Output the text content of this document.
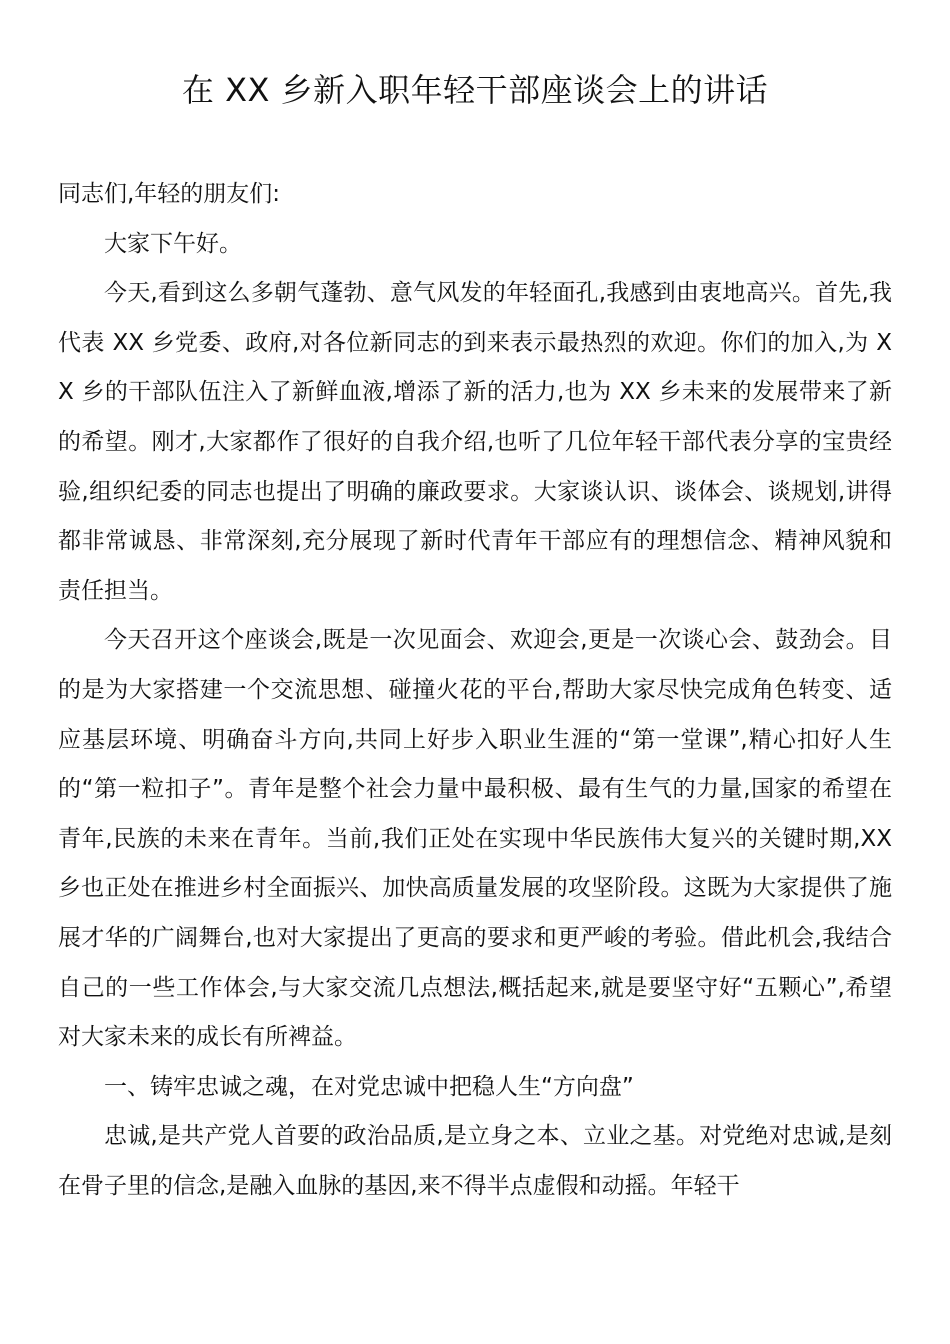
在 XX 乡新入职年轻干部座谈会上的讲话

同志们,年轻的朋友们:

大家下午好。

今天,看到这么多朝气蓬勃、意气风发的年轻面孔,我感到由衷地高兴。首先,我代表 XX 乡党委、政府,对各位新同志的到来表示最热烈的欢迎。你们的加入,为 XX 乡的干部队伍注入了新鲜血液,增添了新的活力,也为 XX 乡未来的发展带来了新的希望。刚才,大家都作了很好的自我介绍,也听了几位年轻干部代表分享的宝贵经验,组织纪委的同志也提出了明确的廉政要求。大家谈认识、谈体会、谈规划,讲得都非常诚恳、非常深刻,充分展现了新时代青年干部应有的理想信念、精神风貌和责任担当。

今天召开这个座谈会,既是一次见面会、欢迎会,更是一次谈心会、鼓劲会。目的是为大家搭建一个交流思想、碰撞火花的平台,帮助大家尽快完成角色转变、适应基层环境、明确奋斗方向,共同上好步入职业生涯的“第一堂课”,精心扣好人生的“第一粒扣子”。青年是整个社会力量中最积极、最有生气的力量,国家的希望在青年,民族的未来在青年。当前,我们正处在实现中华民族伟大复兴的关键时期,XX 乡也正处在推进乡村全面振兴、加快高质量发展的攻坚阶段。这既为大家提供了施展才华的广阔舞台,也对大家提出了更高的要求和更严峻的考验。借此机会,我结合自己的一些工作体会,与大家交流几点想法,概括起来,就是要坚守好“五颗心”,希望对大家未来的成长有所裨益。

一、铸牢忠诚之魂，在对党忠诚中把稳人生“方向盘”

忠诚,是共产党人首要的政治品质,是立身之本、立业之基。对党绝对忠诚,是刻在骨子里的信念,是融入血脉的基因,来不得半点虚假和动摇。年轻干
